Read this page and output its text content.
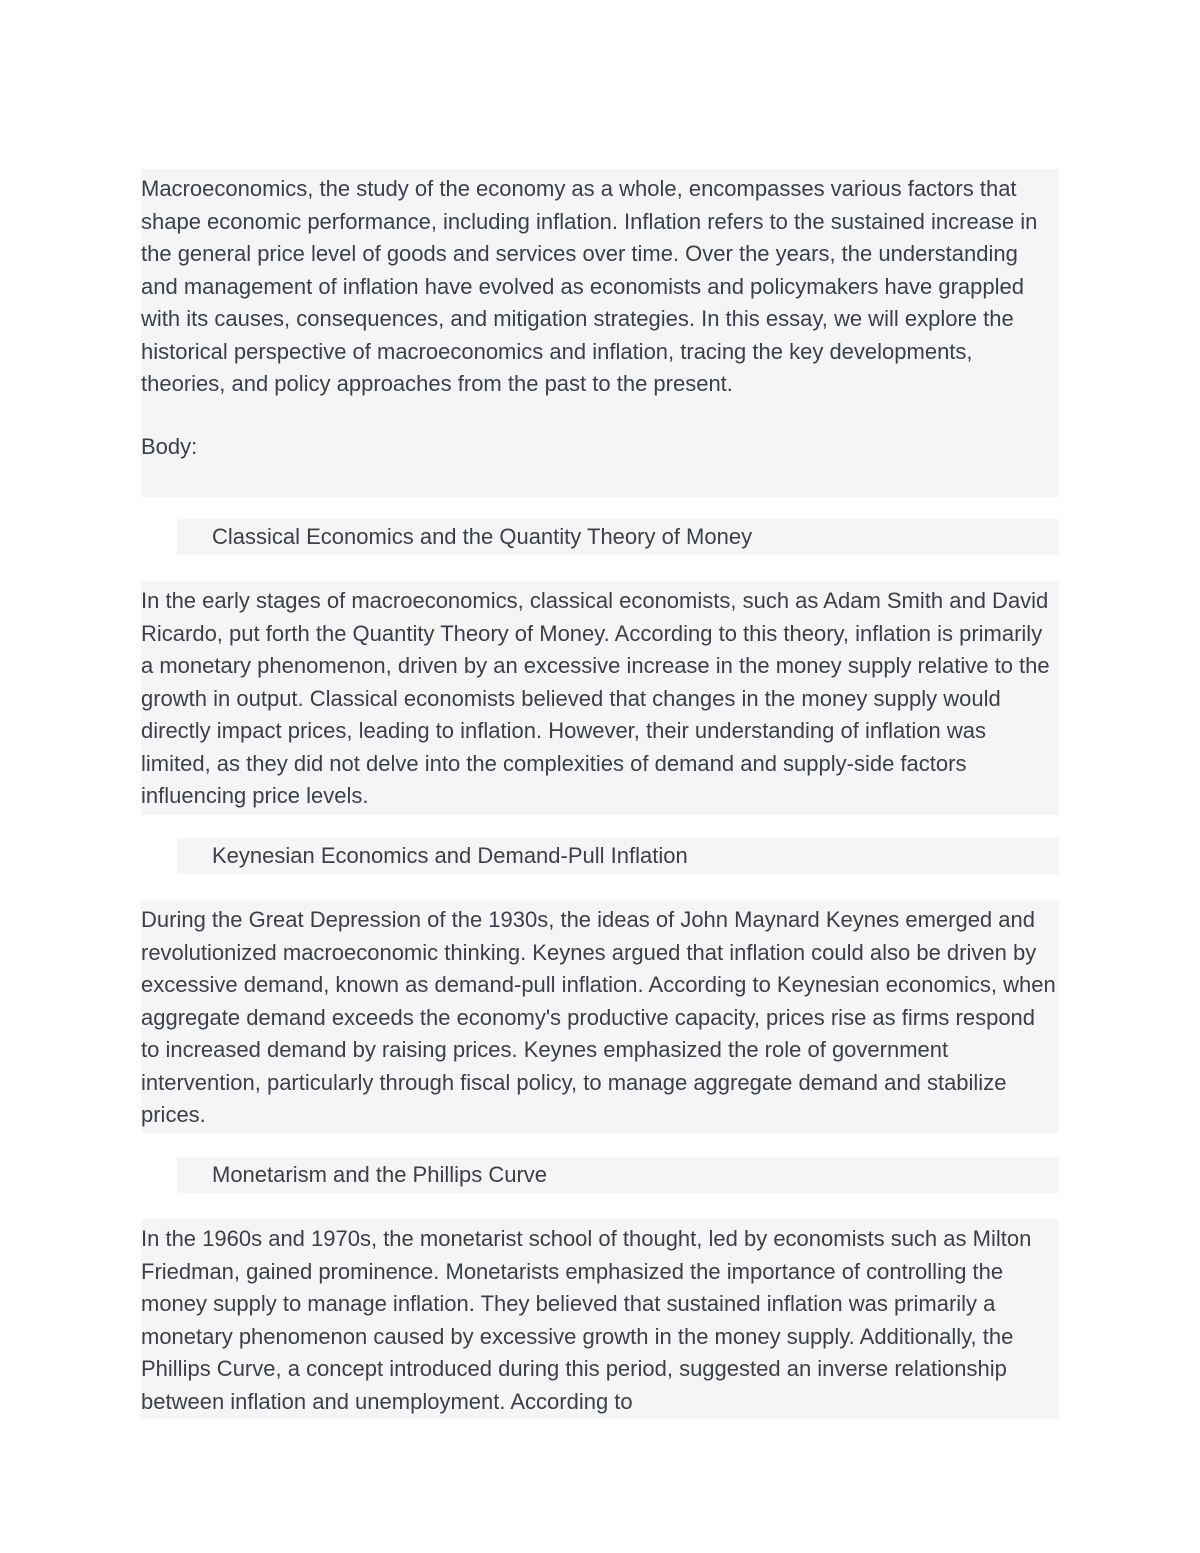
Macroeconomics, the study of the economy as a whole, encompasses various factors that shape economic performance, including inflation. Inflation refers to the sustained increase in the general price level of goods and services over time. Over the years, the understanding and management of inflation have evolved as economists and policymakers have grappled with its causes, consequences, and mitigation strategies. In this essay, we will explore the historical perspective of macroeconomics and inflation, tracing the key developments, theories, and policy approaches from the past to the present.

Body:

Classical Economics and the Quantity Theory of Money

In the early stages of macroeconomics, classical economists, such as Adam Smith and David Ricardo, put forth the Quantity Theory of Money. According to this theory, inflation is primarily a monetary phenomenon, driven by an excessive increase in the money supply relative to the growth in output. Classical economists believed that changes in the money supply would directly impact prices, leading to inflation. However, their understanding of inflation was limited, as they did not delve into the complexities of demand and supply-side factors influencing price levels.

Keynesian Economics and Demand-Pull Inflation

During the Great Depression of the 1930s, the ideas of John Maynard Keynes emerged and revolutionized macroeconomic thinking. Keynes argued that inflation could also be driven by excessive demand, known as demand-pull inflation. According to Keynesian economics, when aggregate demand exceeds the economy's productive capacity, prices rise as firms respond to increased demand by raising prices. Keynes emphasized the role of government intervention, particularly through fiscal policy, to manage aggregate demand and stabilize prices.

Monetarism and the Phillips Curve

In the 1960s and 1970s, the monetarist school of thought, led by economists such as Milton Friedman, gained prominence. Monetarists emphasized the importance of controlling the money supply to manage inflation. They believed that sustained inflation was primarily a monetary phenomenon caused by excessive growth in the money supply. Additionally, the Phillips Curve, a concept introduced during this period, suggested an inverse relationship between inflation and unemployment. According to
